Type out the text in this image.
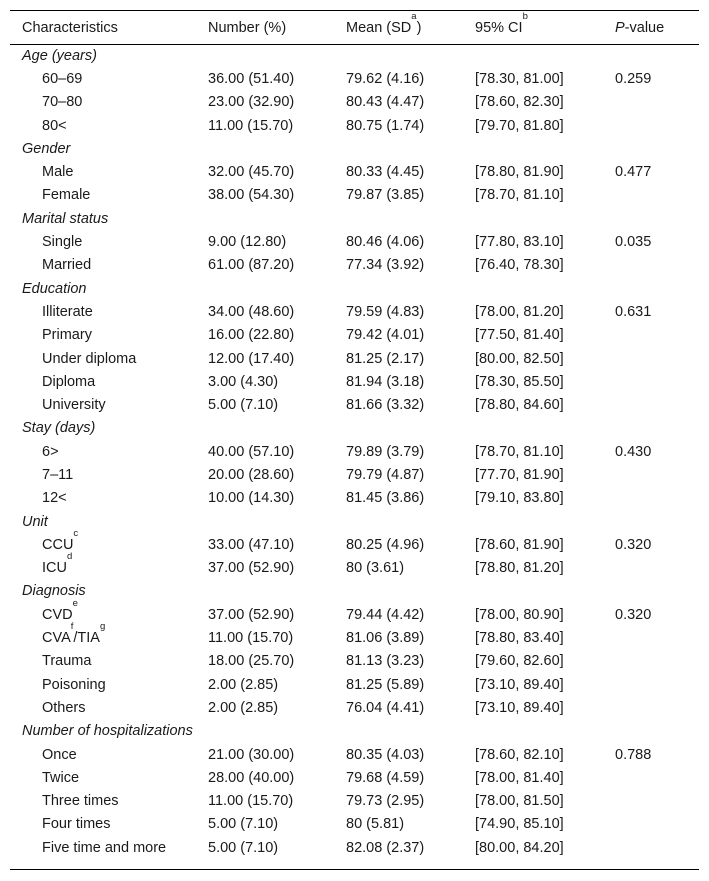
Characteristics	Number (%)	Mean $(SD^a)$	95% $CI^b$	P-value
Age (years)				
60–69	36.00 (51.40)	79.62 (4.16)	[78.30, 81.00]	0.259
70–80	23.00 (32.90)	80.43 (4.47)	[78.60, 82.30]	
80<	11.00 (15.70)	80.75 (1.74)	[79.70, 81.80]	
Gender				
Male	32.00 (45.70)	80.33 (4.45)	[78.80, 81.90]	0.477
Female	38.00 (54.30)	79.87 (3.85)	[78.70, 81.10]	
Marital status				
Single	9.00 (12.80)	80.46 (4.06)	[77.80, 83.10]	0.035
Married	61.00 (87.20)	77.34 (3.92)	[76.40, 78.30]	
Education				
Illiterate	34.00 (48.60)	79.59 (4.83)	[78.00, 81.20]	0.631
Primary	16.00 (22.80)	79.42 (4.01)	[77.50, 81.40]	
Under diploma	12.00 (17.40)	81.25 (2.17)	[80.00, 82.50]	
Diploma	3.00 (4.30)	81.94 (3.18)	[78.30, 85.50]	
University	5.00 (7.10)	81.66 (3.32)	[78.80, 84.60]	
Stay (days)				
6>	40.00 (57.10)	79.89 (3.79)	[78.70, 81.10]	0.430
7–11	20.00 (28.60)	79.79 (4.87)	[77.70, 81.90]	
12<	10.00 (14.30)	81.45 (3.86)	[79.10, 83.80]	
Unit				
CCU$^c$	33.00 (47.10)	80.25 (4.96)	[78.60, 81.90]	0.320
ICU$^d$	37.00 (52.90)	80 (3.61)	[78.80, 81.20]	
Diagnosis				
CVDe	37.00 (52.90)	79.44 (4.42)	[78.00, 80.90]	0.320
CVA$^f$/TIA$^g$	11.00 (15.70)	81.06 (3.89)	[78.80, 83.40]	
Trauma	18.00 (25.70)	81.13 (3.23)	[79.60, 82.60]	
Poisoning	2.00 (2.85)	81.25 (5.89)	[73.10, 89.40]	
Others	2.00 (2.85)	76.04 (4.41)	[73.10, 89.40]	
Number of hospitalizations				
Once	21.00 (30.00)	80.35 (4.03)	[78.60, 82.10]	0.788
Twice	28.00 (40.00)	79.68 (4.59)	[78.00, 81.40]	
Three times	11.00 (15.70)	79.73 (2.95)	[78.00, 81.50]	
Four times	5.00 (7.10)	80 (5.81)	[74.90, 85.10]	
Five time and more	5.00 (7.10)	82.08 (2.37)	[80.00, 84.20]	
